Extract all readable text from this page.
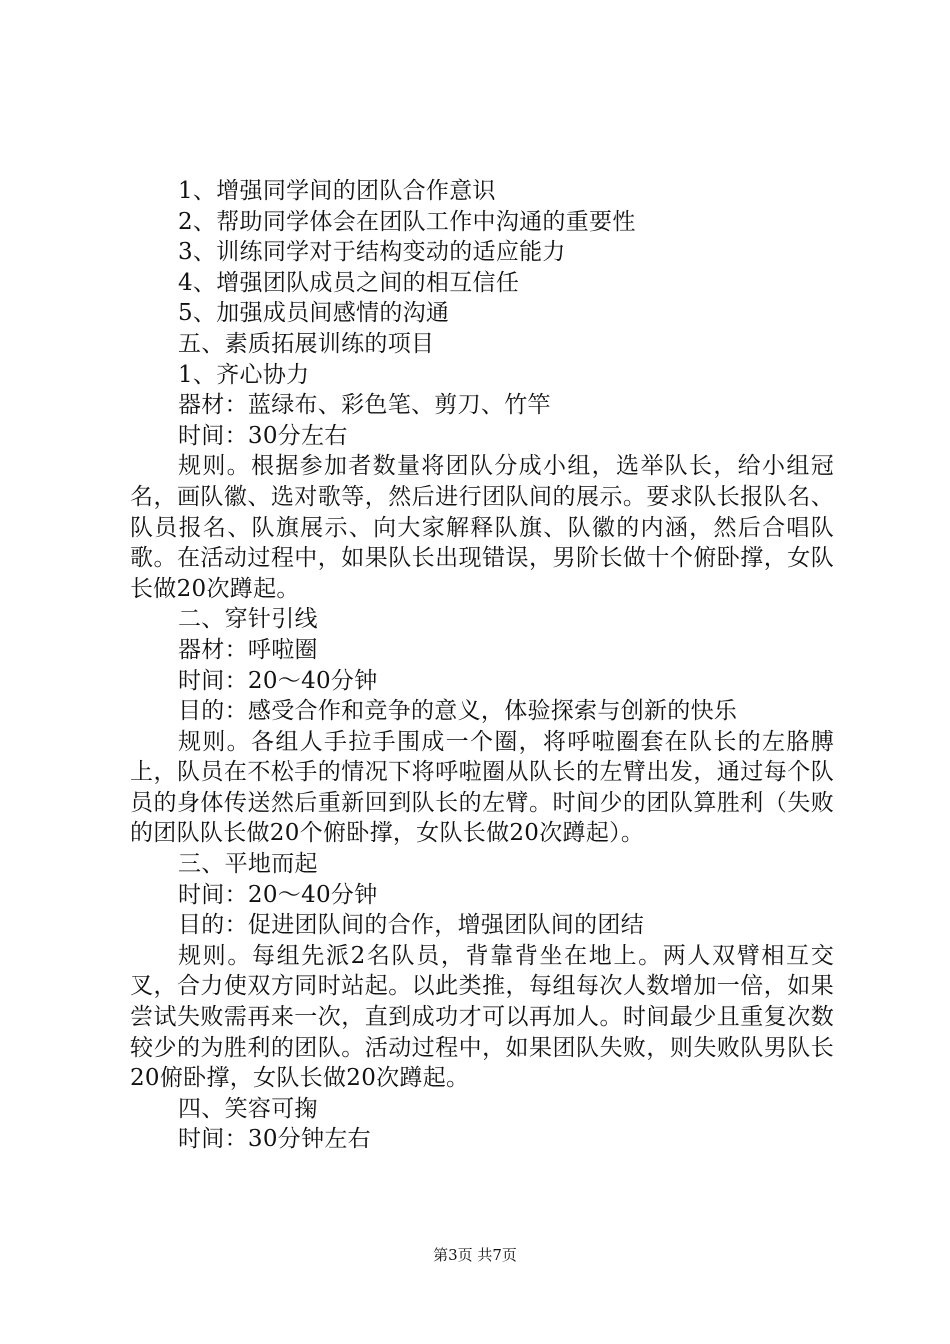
1、增强同学间的团队合作意识
2、帮助同学体会在团队工作中沟通的重要性
3、训练同学对于结构变动的适应能力
4、增强团队成员之间的相互信任
5、加强成员间感情的沟通
五、素质拓展训练的项目
1、齐心协力
器材：蓝绿布、彩色笔、剪刀、竹竿
时间：30分左右
规则。根据参加者数量将团队分成小组，选举队长，给小组冠名，画队徽、选对歌等，然后进行团队间的展示。要求队长报队名、队员报名、队旗展示、向大家解释队旗、队徽的内涵，然后合唱队歌。在活动过程中，如果队长出现错误，男阶长做十个俯卧撑，女队长做20次蹲起。
二、穿针引线
器材：呼啦圈
时间：20～40分钟
目的：感受合作和竞争的意义，体验探索与创新的快乐
规则。各组人手拉手围成一个圈，将呼啦圈套在队长的左胳膊上，队员在不松手的情况下将呼啦圈从队长的左臂出发，通过每个队员的身体传送然后重新回到队长的左臂。时间少的团队算胜利（失败的团队队长做20个俯卧撑，女队长做20次蹲起）。
三、平地而起
时间：20～40分钟
目的：促进团队间的合作，增强团队间的团结
规则。每组先派2名队员，背靠背坐在地上。两人双臂相互交叉，合力使双方同时站起。以此类推，每组每次人数增加一倍，如果尝试失败需再来一次，直到成功才可以再加人。时间最少且重复次数较少的为胜利的团队。活动过程中，如果团队失败，则失败队男队长20俯卧撑，女队长做20次蹲起。
四、笑容可掬
时间：30分钟左右
第3页 共7页
